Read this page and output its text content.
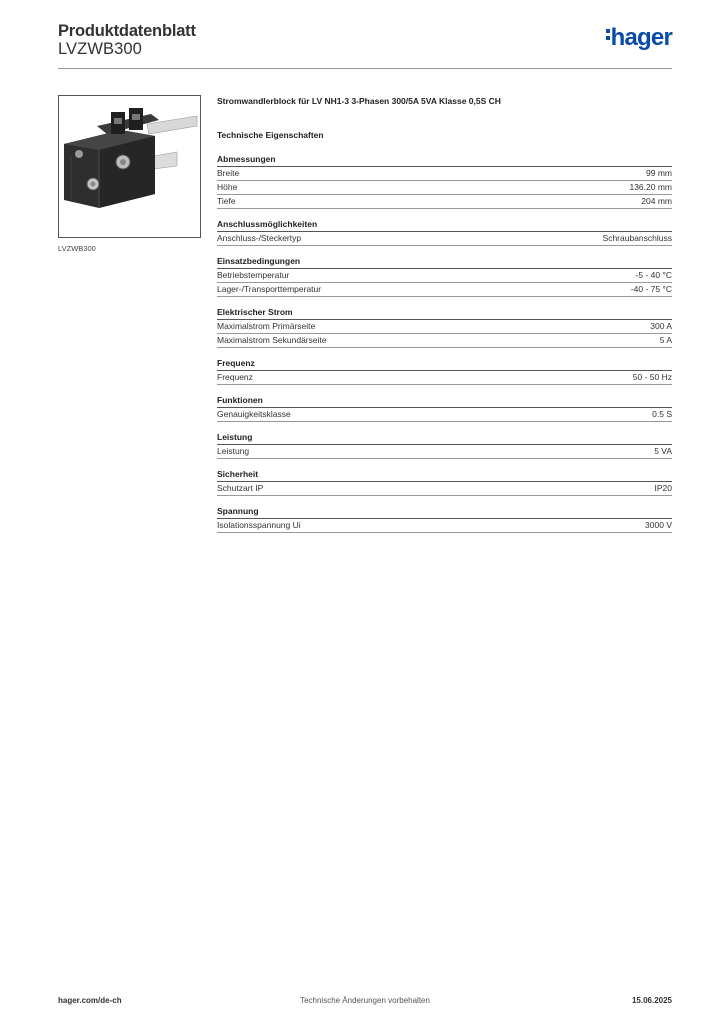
Produktdatenblatt
LVZWB300	hager
LVZWB300
Stromwandlerblock für LV NH1-3 3-Phasen 300/5A 5VA Klasse 0,5S CH
Technische Eigenschaften
Abmessungen
Breite	99 mm
Höhe	136.20 mm
Tiefe	204 mm
Anschlussmöglichkeiten
Anschluss-/Steckertyp	Schraubanschluss
Einsatzbedingungen
Betriebstemperatur	-5 - 40 °C
Lager-/Transporttemperatur	-40 - 75 °C
Elektrischer Strom
Maximalstrom Primärseite	300 A
Maximalstrom Sekundärseite	5 A
Frequenz
Frequenz	50 - 50 Hz
Funktionen
Genauigkeitsklasse	0.5 S
Leistung
Leistung	5 VA
Sicherheit
Schutzart IP	IP20
Spannung
Isolationsspannung Ui	3000 V
hager.com/de-ch	Technische Änderungen vorbehalten	15.06.2025
